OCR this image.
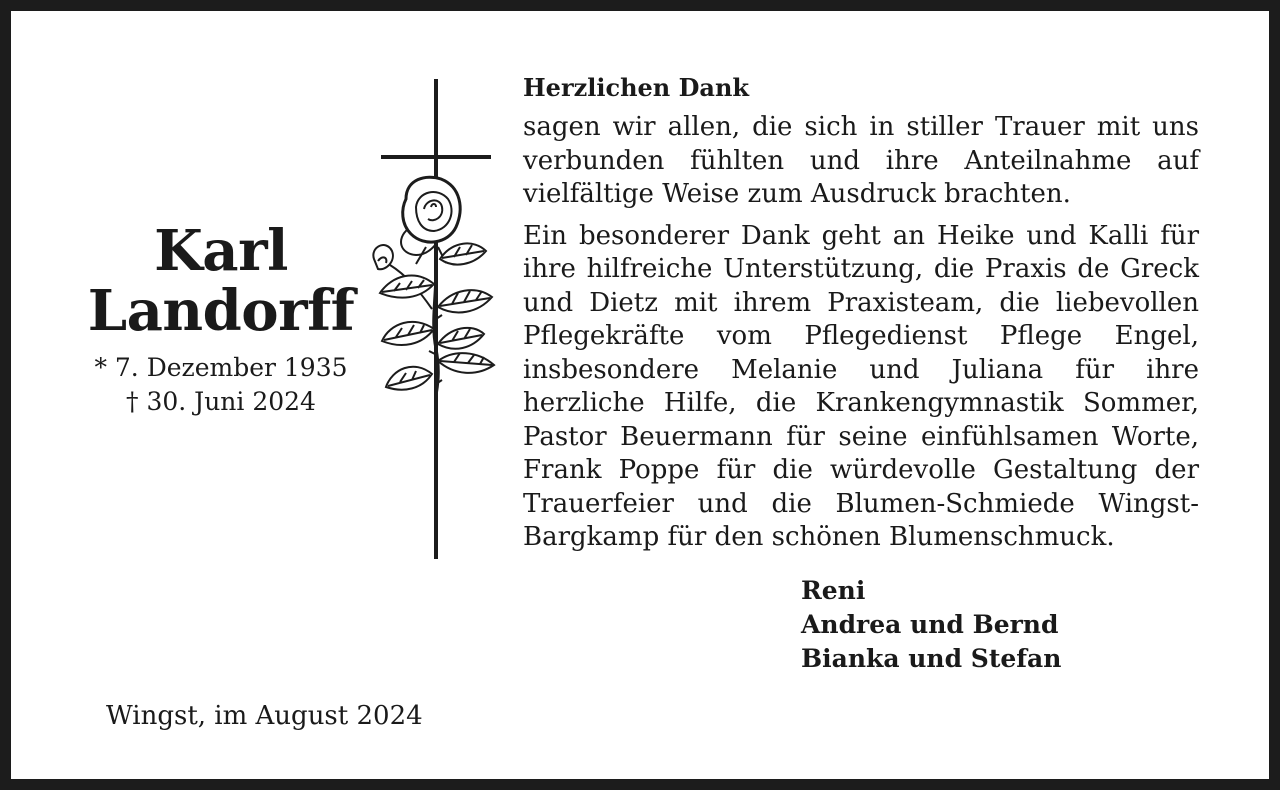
Karl
Landorff
* 7. Dezember 1935
† 30. Juni 2024
Wingst, im August 2024
Herzlichen Dank

sagen wir allen, die sich in stiller Trauer mit uns verbunden fühlten und ihre Anteilnahme auf vielfältige Weise zum Ausdruck brachten.

Ein besonderer Dank geht an Heike und Kalli für ihre hilfreiche Unterstützung, die Praxis de Greck und Dietz mit ihrem Praxisteam, die liebevollen Pflegekräfte vom Pflegedienst Pflege Engel, insbesondere Melanie und Juliana für ihre herzliche Hilfe, die Krankengymnastik Sommer, Pastor Beuermann für seine einfühlsamen Worte, Frank Poppe für die würdevolle Gestaltung der Trauerfeier und die Blumen-Schmiede Wingst-Bargkamp für den schönen Blumenschmuck.

Reni
Andrea und Bernd
Bianka und Stefan
